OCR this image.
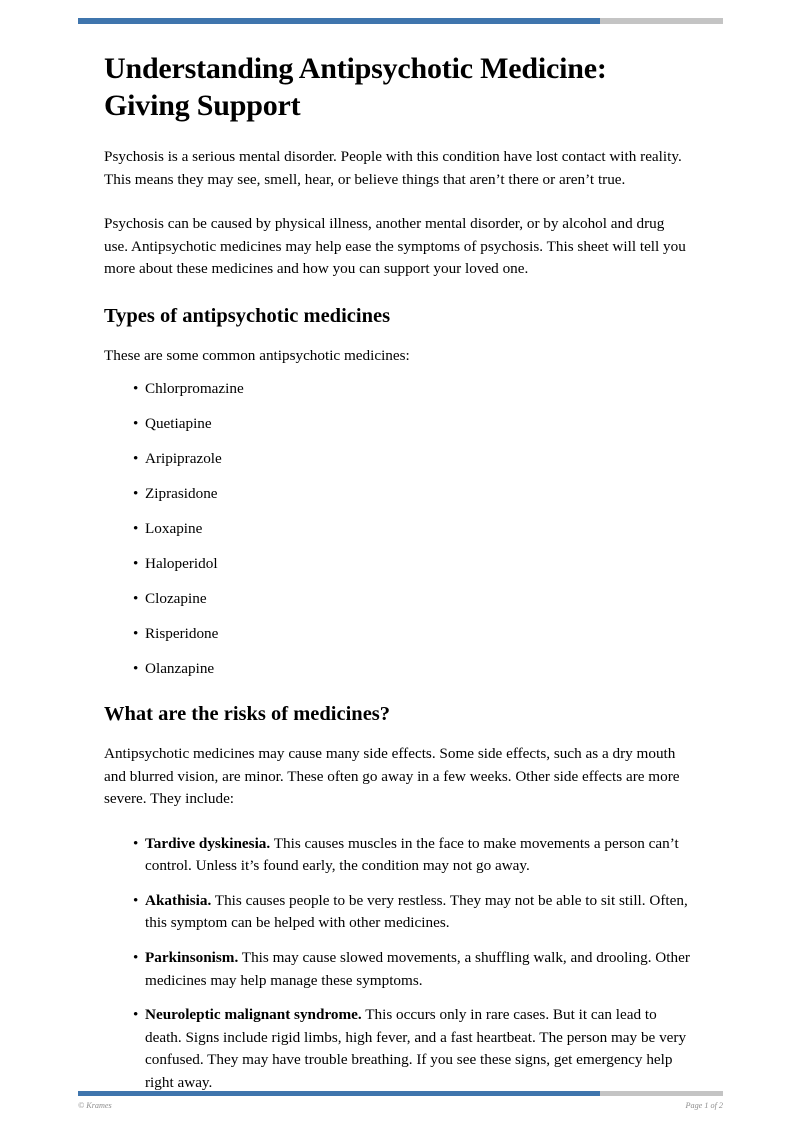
Understanding Antipsychotic Medicine: Giving Support

Psychosis is a serious mental disorder. People with this condition have lost contact with reality. This means they may see, smell, hear, or believe things that aren’t there or aren’t true.

Psychosis can be caused by physical illness, another mental disorder, or by alcohol and drug use. Antipsychotic medicines may help ease the symptoms of psychosis. This sheet will tell you more about these medicines and how you can support your loved one.

Types of antipsychotic medicines

These are some common antipsychotic medicines:

• Chlorpromazine
• Quetiapine
• Aripiprazole
• Ziprasidone
• Loxapine
• Haloperidol
• Clozapine
• Risperidone
• Olanzapine
What are the risks of medicines?

Antipsychotic medicines may cause many side effects. Some side effects, such as a dry mouth and blurred vision, are minor. These often go away in a few weeks. Other side effects are more severe. They include:

• Tardive dyskinesia. This causes muscles in the face to make movements a person can’t control. Unless it’s found early, the condition may not go away.
• Akathisia. This causes people to be very restless. They may not be able to sit still. Often, this symptom can be helped with other medicines.
• Parkinsonism. This may cause slowed movements, a shuffling walk, and drooling. Other medicines may help manage these symptoms.
• Neuroleptic malignant syndrome. This occurs only in rare cases. But it can lead to death. Signs include rigid limbs, high fever, and a fast heartbeat. The person may be very confused. They may have trouble breathing. If you see these signs, get emergency help right away.
© Krames	Page 1 of 2
